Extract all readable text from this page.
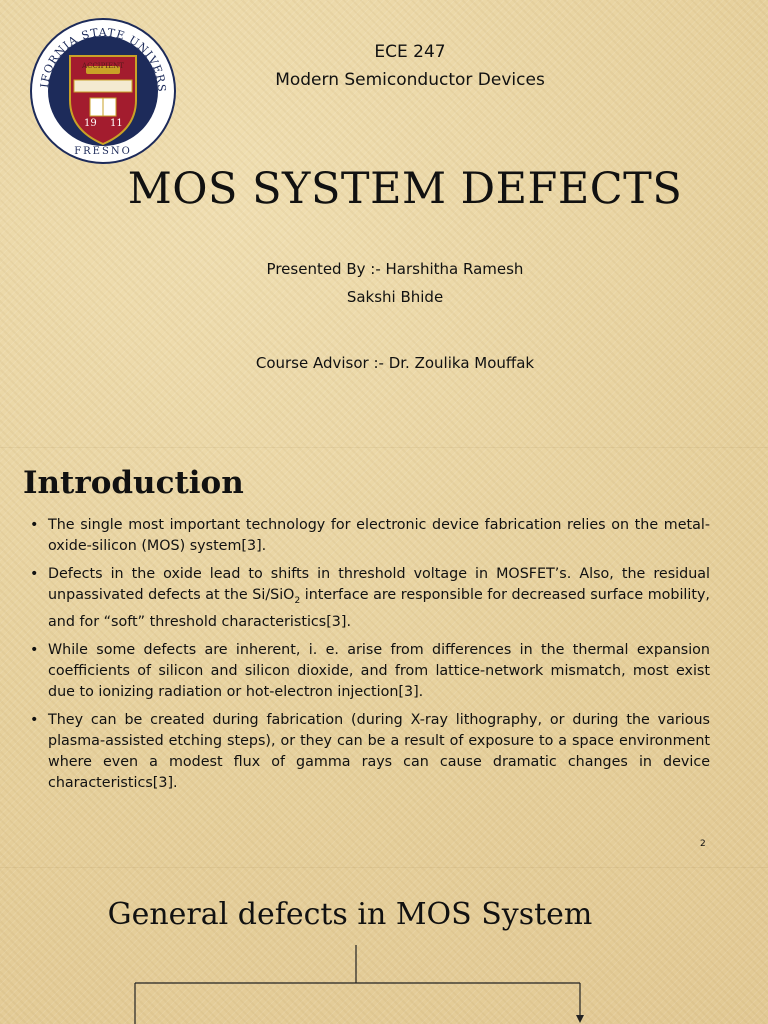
IFORNIA STATE UNIVERS
ACCIPIENT
19 11
FRESNO
ECE 247
Modern Semiconductor Devices
MOS SYSTEM DEFECTS
Presented By :- Harshitha Ramesh
Sakshi Bhide
Course Advisor :- Dr. Zoulika Mouffak
Introduction
• The single most important technology for electronic device fabrication relies on the metal-oxide-silicon (MOS) system[3].
• Defects in the oxide lead to shifts in threshold voltage in MOSFET’s. Also, the residual unpassivated defects at the Si/SiO$_2$ interface are responsible for decreased surface mobility, and for “soft” threshold characteristics[3].
• While some defects are inherent, i. e. arise from differences in the thermal expansion coefficients of silicon and silicon dioxide, and from lattice-network mismatch, most exist due to ionizing radiation or hot-electron injection[3].
• They can be created during fabrication (during X-ray lithography, or during the various plasma-assisted etching steps), or they can be a result of exposure to a space environment where even a modest flux of gamma rays can cause dramatic changes in device characteristics[3].
2
General defects in MOS System
